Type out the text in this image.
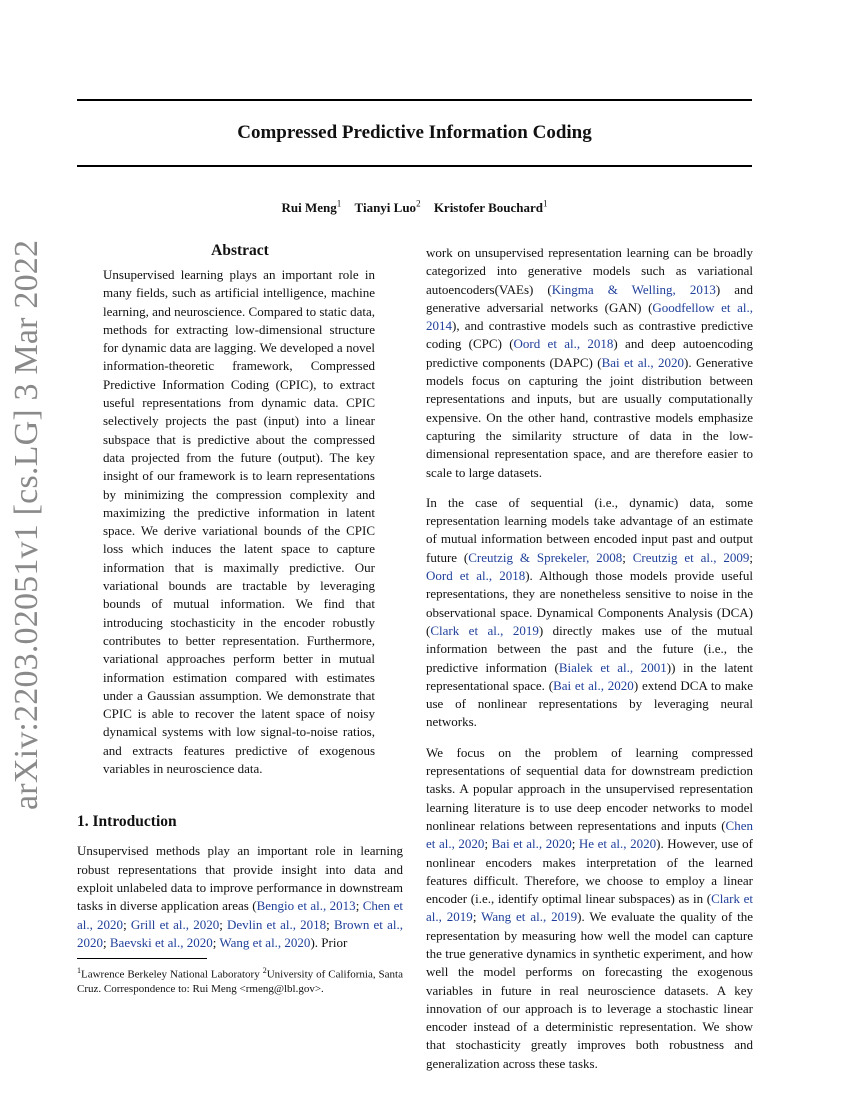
arXiv:2203.02051v1 [cs.LG] 3 Mar 2022
Compressed Predictive Information Coding
Rui Meng$^1$ Tianyi Luo$^2$ Kristofer Bouchard$^1$
Abstract
Unsupervised learning plays an important role in many fields, such as artificial intelligence, machine learning, and neuroscience. Compared to static data, methods for extracting low-dimensional structure for dynamic data are lagging. We developed a novel information-theoretic framework, Compressed Predictive Information Coding (CPIC), to extract useful representations from dynamic data. CPIC selectively projects the past (input) into a linear subspace that is predictive about the compressed data projected from the future (output). The key insight of our framework is to learn representations by minimizing the compression complexity and maximizing the predictive information in latent space. We derive variational bounds of the CPIC loss which induces the latent space to capture information that is maximally predictive. Our variational bounds are tractable by leveraging bounds of mutual information. We find that introducing stochasticity in the encoder robustly contributes to better representation. Furthermore, variational approaches perform better in mutual information estimation compared with estimates under a Gaussian assumption. We demonstrate that CPIC is able to recover the latent space of noisy dynamical systems with low signal-to-noise ratios, and extracts features predictive of exogenous variables in neuroscience data.
1. Introduction
Unsupervised methods play an important role in learning robust representations that provide insight into data and exploit unlabeled data to improve performance in downstream tasks in diverse application areas (Bengio et al., 2013; Chen et al., 2020; Grill et al., 2020; Devlin et al., 2018; Brown et al., 2020; Baevski et al., 2020; Wang et al., 2020). Prior
$^1$Lawrence Berkeley National Laboratory $^2$University of California, Santa Cruz. Correspondence to: Rui Meng <rmeng@lbl.gov>.
work on unsupervised representation learning can be broadly categorized into generative models such as variational autoencoders(VAEs) (Kingma & Welling, 2013) and generative adversarial networks (GAN) (Goodfellow et al., 2014), and contrastive models such as contrastive predictive coding (CPC) (Oord et al., 2018) and deep autoencoding predictive components (DAPC) (Bai et al., 2020). Generative models focus on capturing the joint distribution between representations and inputs, but are usually computationally expensive. On the other hand, contrastive models emphasize capturing the similarity structure of data in the low-dimensional representation space, and are therefore easier to scale to large datasets.
In the case of sequential (i.e., dynamic) data, some representation learning models take advantage of an estimate of mutual information between encoded input past and output future (Creutzig & Sprekeler, 2008; Creutzig et al., 2009; Oord et al., 2018). Although those models provide useful representations, they are nonetheless sensitive to noise in the observational space. Dynamical Components Analysis (DCA) (Clark et al., 2019) directly makes use of the mutual information between the past and the future (i.e., the predictive information (Bialek et al., 2001)) in the latent representational space. (Bai et al., 2020) extend DCA to make use of nonlinear representations by leveraging neural networks.
We focus on the problem of learning compressed representations of sequential data for downstream prediction tasks. A popular approach in the unsupervised representation learning literature is to use deep encoder networks to model nonlinear relations between representations and inputs (Chen et al., 2020; Bai et al., 2020; He et al., 2020). However, use of nonlinear encoders makes interpretation of the learned features difficult. Therefore, we choose to employ a linear encoder (i.e., identify optimal linear subspaces) as in (Clark et al., 2019; Wang et al., 2019). We evaluate the quality of the representation by measuring how well the model can capture the true generative dynamics in synthetic experiment, and how well the model performs on forecasting the exogenous variables in future in real neuroscience datasets. A key innovation of our approach is to leverage a stochastic linear encoder instead of a deterministic representation. We show that stochasticity greatly improves both robustness and generalization across these tasks.
